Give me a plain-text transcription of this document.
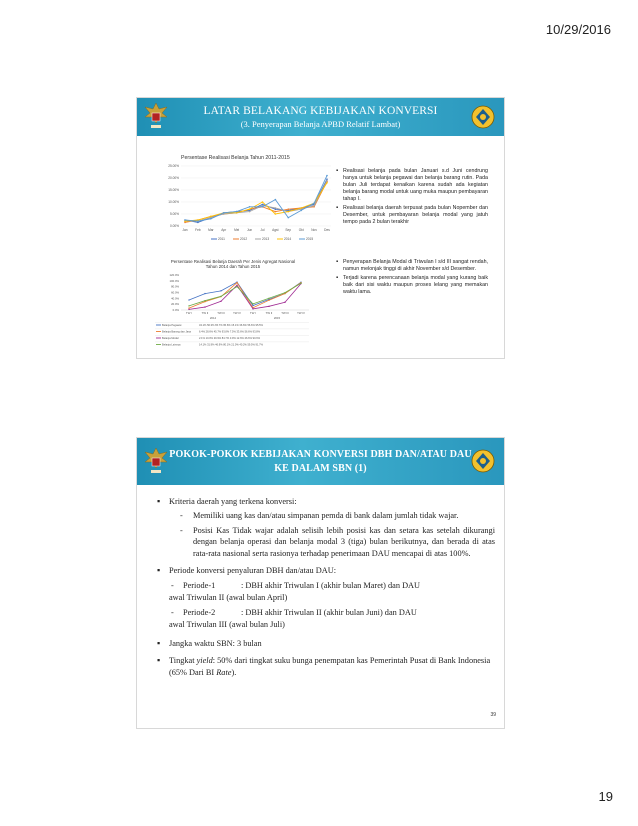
10/29/2016
LATAR BELAKANG KEBIJAKAN KONVERSI
(3. Penyerapan Belanja APBD Relatif Lambat)
Persentase Realisasi Belanja Tahun 2011-2015
0.00%
5.00%
10.00%
15.00%
20.00%
25.00%
Jan Feb Mar Apr Mei Jun	Jul Agst Sep Okt Nov Des
2011	2012	2013	2014	2015
Persentase Realisasi Belanja Daerah Per Jenis Agregat Nasional
Tahun 2014 dan Tahun 2015
0.0%
20.0%
40.0%
60.0%
80.0%
100.0%
120.0%
TW I	TW II	TW III	TW IV	TW I	TW II	TW III	TW IV
2014	2015
Belanja Pegawai	34.1% 56.3% 65.7% 95.6% 15.1% 36.6% 56.6% 95.5%
Belanja Barang dan Jasa	6.4% 28.6% 45.7% 93.8% 7.5% 33.6% 56.6% 93.8%
Belanja Modal	2.1% 10.0% 29.9% 84.7% 3.9% 12.6% 26.6% 90.6%
Belanja Lainnya	14.1% 31.9% 46.9% 80.1% 21.0% 40.2% 59.5% 91.7%
▪ Realisasi belanja pada bulan Januari s.d Juni cendrung hanya untuk belanja pegawai dan belanja barang rutin. Pada bulan Juli terdapat kenaikan karena sudah ada kegiatan belanja barang modal untuk uang muka maupun pembayaran tahap I.
▪ Realisasi belanja daerah terpusat pada bulan Nopember dan Desember, untuk pembayaran belanja modal yang jatuh tempo pada 2 bulan terakhir
▪ Penyerapan Belanja Modal di Triwulan I s/d III sangat rendah, namun melonjak tinggi di akhir November s/d Desember.
▪ Terjadi karena perencanaan belanja modal yang kurang baik baik dari sisi waktu maupun proses lelang yang memakan waktu lama.
POKOK-POKOK KEBIJAKAN KONVERSI DBH DAN/ATAU DAU
KE DALAM SBN (1)
▪ Kriteria daerah yang terkena konversi:
- Memiliki uang kas dan/atau simpanan pemda di bank dalam jumlah tidak wajar.
- Posisi Kas Tidak wajar adalah selisih lebih posisi kas dan setara kas setelah dikurangi dengan belanja operasi dan belanja modal 3 (tiga) bulan berikutnya, dan berada di atas rata-rata nasional serta rasionya terhadap penerimaan DAU mencapai di atas 100%.
▪ Periode konversi penyaluran DBH dan/atau DAU:
-	Periode-1	: DBH akhir Triwulan I (akhir bulan Maret) dan DAU
awal Triwulan II (awal bulan April)
-	Periode-2	: DBH akhir Triwulan II (akhir bulan Juni) dan DAU
awal Triwulan III (awal bulan Juli)
▪ Jangka waktu SBN: 3 bulan
▪ Tingkat yield: 50% dari tingkat suku bunga penempatan kas Pemerintah Pusat di Bank Indonesia (65% Dari BI Rate).
39
19
